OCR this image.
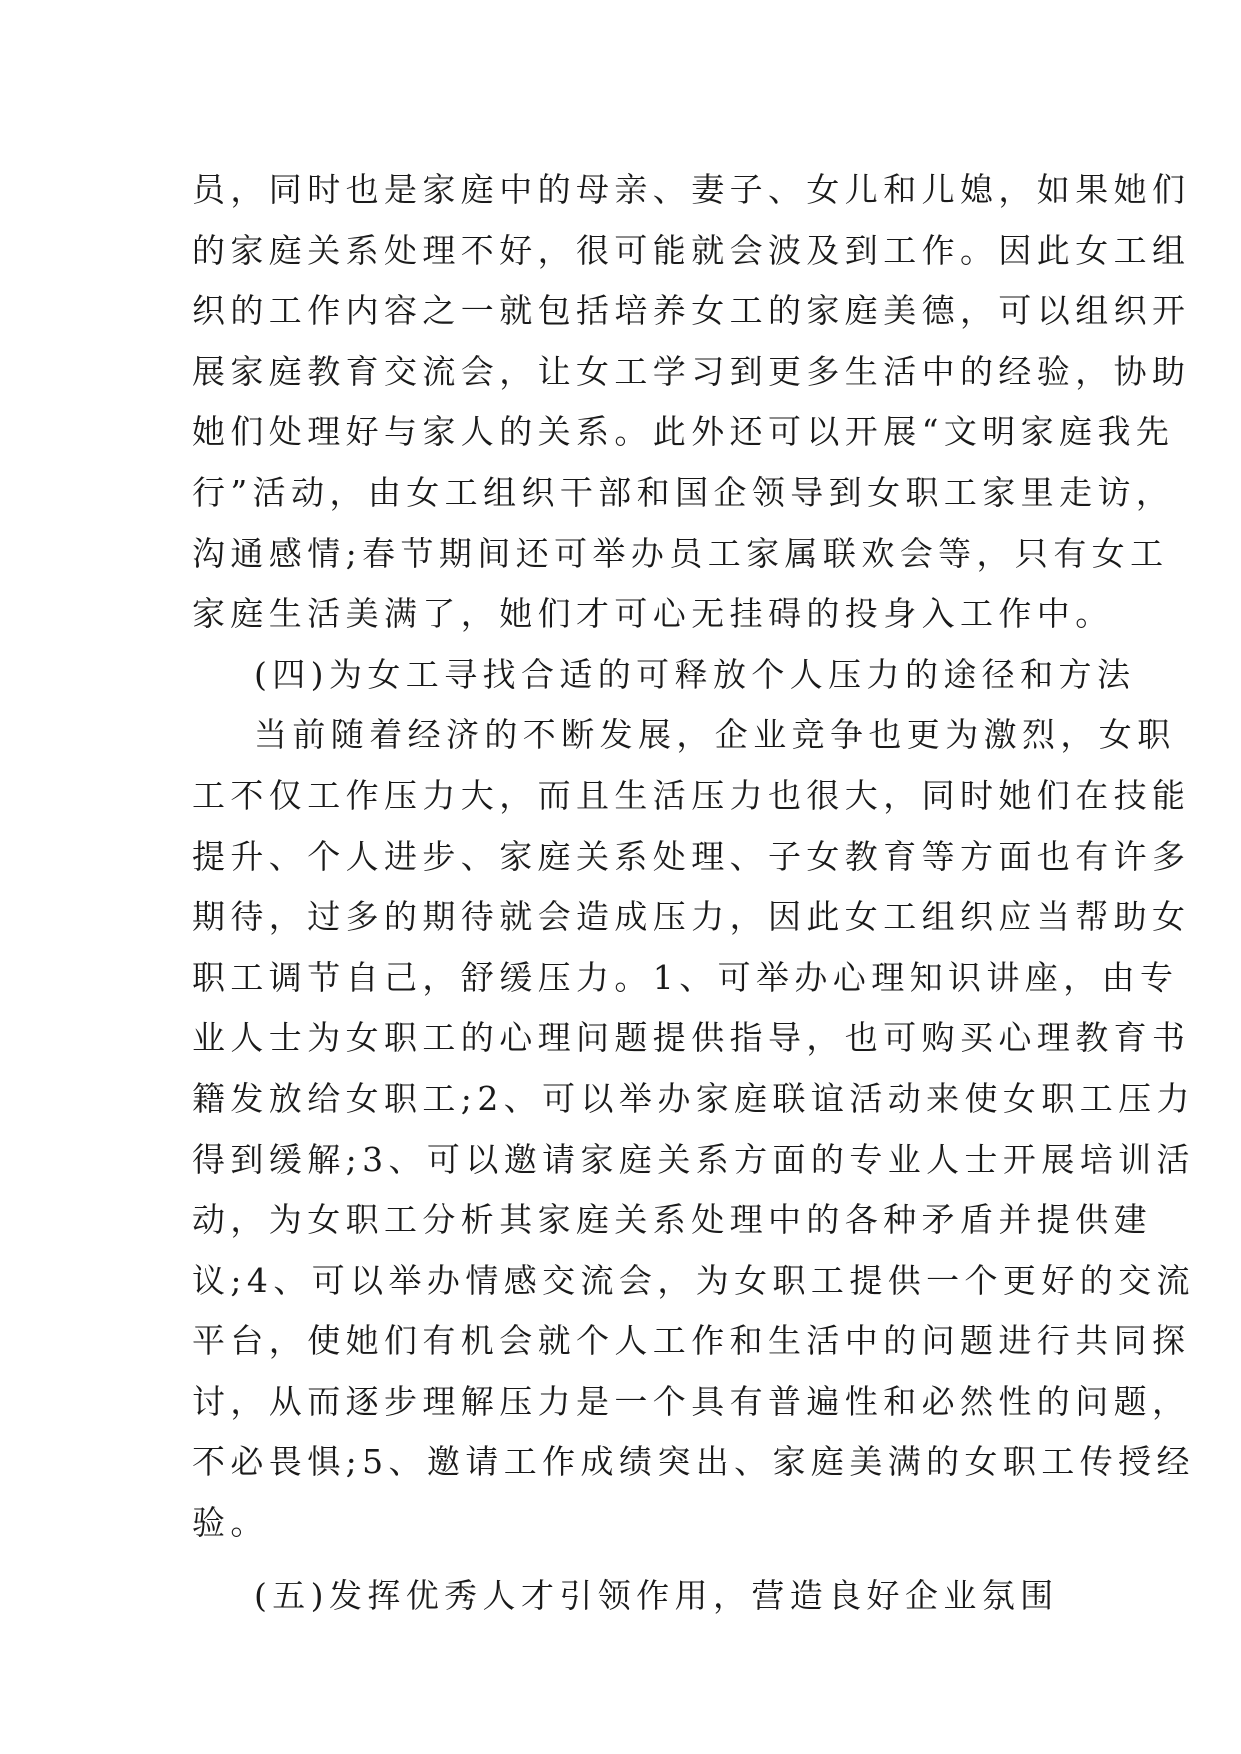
员，同时也是家庭中的母亲、妻子、女儿和儿媳，如果她们
的家庭关系处理不好，很可能就会波及到工作。因此女工组
织的工作内容之一就包括培养女工的家庭美德，可以组织开
展家庭教育交流会，让女工学习到更多生活中的经验，协助
她们处理好与家人的关系。此外还可以开展“文明家庭我先
行”活动，由女工组织干部和国企领导到女职工家里走访，
沟通感情;春节期间还可举办员工家属联欢会等，只有女工
家庭生活美满了，她们才可心无挂碍的投身入工作中。
(四)为女工寻找合适的可释放个人压力的途径和方法
当前随着经济的不断发展，企业竞争也更为激烈，女职
工不仅工作压力大，而且生活压力也很大，同时她们在技能
提升、个人进步、家庭关系处理、子女教育等方面也有许多
期待，过多的期待就会造成压力，因此女工组织应当帮助女
职工调节自己，舒缓压力。1、可举办心理知识讲座，由专
业人士为女职工的心理问题提供指导，也可购买心理教育书
籍发放给女职工;2、可以举办家庭联谊活动来使女职工压力
得到缓解;3、可以邀请家庭关系方面的专业人士开展培训活
动，为女职工分析其家庭关系处理中的各种矛盾并提供建
议;4、可以举办情感交流会，为女职工提供一个更好的交流
平台，使她们有机会就个人工作和生活中的问题进行共同探
讨，从而逐步理解压力是一个具有普遍性和必然性的问题，
不必畏惧;5、邀请工作成绩突出、家庭美满的女职工传授经
验。
(五)发挥优秀人才引领作用，营造良好企业氛围
